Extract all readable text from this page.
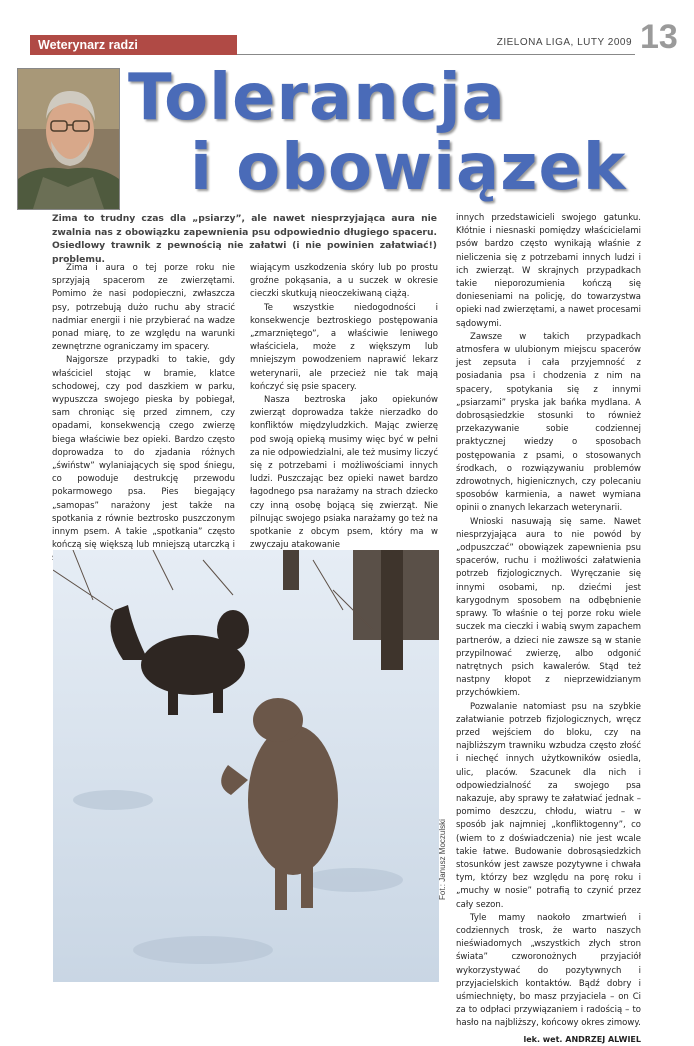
Weterynarz radzi	ZIELONA LIGA, LUTY 2009 13
Tolerancja
i obowiązek
Zima to trudny czas dla „psiarzy”, ale nawet niesprzyjająca aura nie zwalnia nas z obowiązku zapewnienia psu odpowiednio długiego spaceru. Osiedlowy trawnik z pewnością nie załatwi (i nie powinien załatwiać!) problemu.

Zima i aura o tej porze roku nie sprzyjają spacerom ze zwierzętami. Pomimo że nasi podopieczni, zwłaszcza psy, potrzebują dużo ruchu aby stracić nadmiar energii i nie przybierać na wadze ponad miarę, to ze względu na warunki zewnętrzne ograniczamy im spacery.

Najgorsze przypadki to takie, gdy właściciel stojąc w bramie, klatce schodowej, czy pod daszkiem w parku, wypuszcza swojego pieska by pobiegał, sam chroniąc się przed zimnem, czy opadami, konsekwencją czego zwierzę biega właściwie bez opieki. Bardzo często doprowadza to do zjadania różnych „świństw” wylaniających się spod śniegu, co powoduje destrukcję przewodu pokarmowego psa. Pies biegający „samopas” narażony jest także na spotkania z równie beztrosko puszczonym innym psem. A takie „spotkania” często kończą się większą lub mniejszą utarczką i

wiającym uszkodzenia skóry lub po prostu groźne pokąsania, a u suczek w okresie cieczki skutkują nieoczekiwaną ciążą.

Te wszystkie niedogodności i konsekwencje beztroskiego postępowania „zmarzniętego”, a właściwie leniwego właściciela, może z większym lub mniejszym powodzeniem naprawić lekarz weterynarii, ale przecież nie tak mają kończyć się psie spacery.

Nasza beztroska jako opiekunów zwierząt doprowadza także nierzadko do konfliktów międzyludzkich. Mając zwierzę pod swoją opieką musimy więc być w pełni za nie odpowiedzialni, ale też musimy liczyć się z potrzebami i możliwościami innych ludzi. Puszczając bez opieki nawet bardzo łagodnego psa narażamy na strach dziecko czy inną osobę bojącą się zwierząt. Nie pilnując swojego psiaka narażamy go też na spotkanie z obcym psem, który ma w zwyczaju atakowanie

innych przedstawicieli swojego gatunku. Kłótnie i niesnaski pomiędzy właścicielami psów bardzo często wynikają właśnie z nieliczenia się z potrzebami innych ludzi i ich zwierząt. W skrajnych przypadkach takie nieporozumienia kończą się donieseniami na policję, do towarzystwa opieki nad zwierzętami, a nawet procesami sądowymi.

Zawsze w takich przypadkach atmosfera w ulubionym miejscu spacerów jest zepsuta i cała przyjemność z posiadania psa i chodzenia z nim na spacery, spotykania się z innymi „psiarzami” pryska jak bańka mydlana. A dobrosąsiedzkie stosunki to również przekazywanie sobie codziennej praktycznej wiedzy o sposobach postępowania z psami, o stosowanych środkach, o rozwiązywaniu problemów zdrowotnych, higienicznych, czy polecaniu sposobów karmienia, a nawet wymiana opinii o znanych lekarzach weterynarii.

Wnioski nasuwają się same. Nawet niesprzyjająca aura to nie powód by „odpuszczać” obowiązek zapewnienia psu spacerów, ruchu i możliwości załatwienia potrzeb fizjologicznych. Wyręczanie się innymi osobami, np. dziećmi jest karygodnym sposobem na odbębnienie sprawy. To właśnie o tej porze roku wiele suczek ma cieczki i wabią swym zapachem partnerów, a dzieci nie zawsze są w stanie przypilnować zwierzę, albo odgonić natrętnych psich kawalerów. Stąd też nastpny kłopot z nieprzewidzianym przychówkiem.

Pozwalanie natomiast psu na szybkie załatwianie potrzeb fizjologicznych, wręcz przed wejściem do bloku, czy na najbliższym trawniku wzbudza często złość i niechęć innych użytkowników osiedla, ulic, placów. Szacunek dla nich i odpowiedzialność za swojego psa nakazuje, aby sprawy te załatwiać jednak – pomimo deszczu, chłodu, wiatru – w sposób jak najmniej „konfliktogenny”, co (wiem to z doświadczenia) nie jest wcale takie łatwe. Budowanie dobrosąsiedzkich stosunków jest zawsze pozytywne i chwała tym, którzy bez względu na porę roku i „muchy w nosie” potrafią to czynić przez cały sezon.

Tyle mamy naokoło zmartwień i codziennych trosk, że warto naszych nieświadomych „wszystkich złych stron świata” czworonożnych przyjaciół wykorzystywać do pozytywnych i przyjacielskich kontaktów. Bądź dobry i uśmiechnięty, bo masz przyjaciela – on Ci za to odpłaci przywiązaniem i radością – to hasło na najbliższy, końcowy okres zimowy.

lek. wet. ANDRZEJ ALWIEL
Fot.: Janusz Moczulski
